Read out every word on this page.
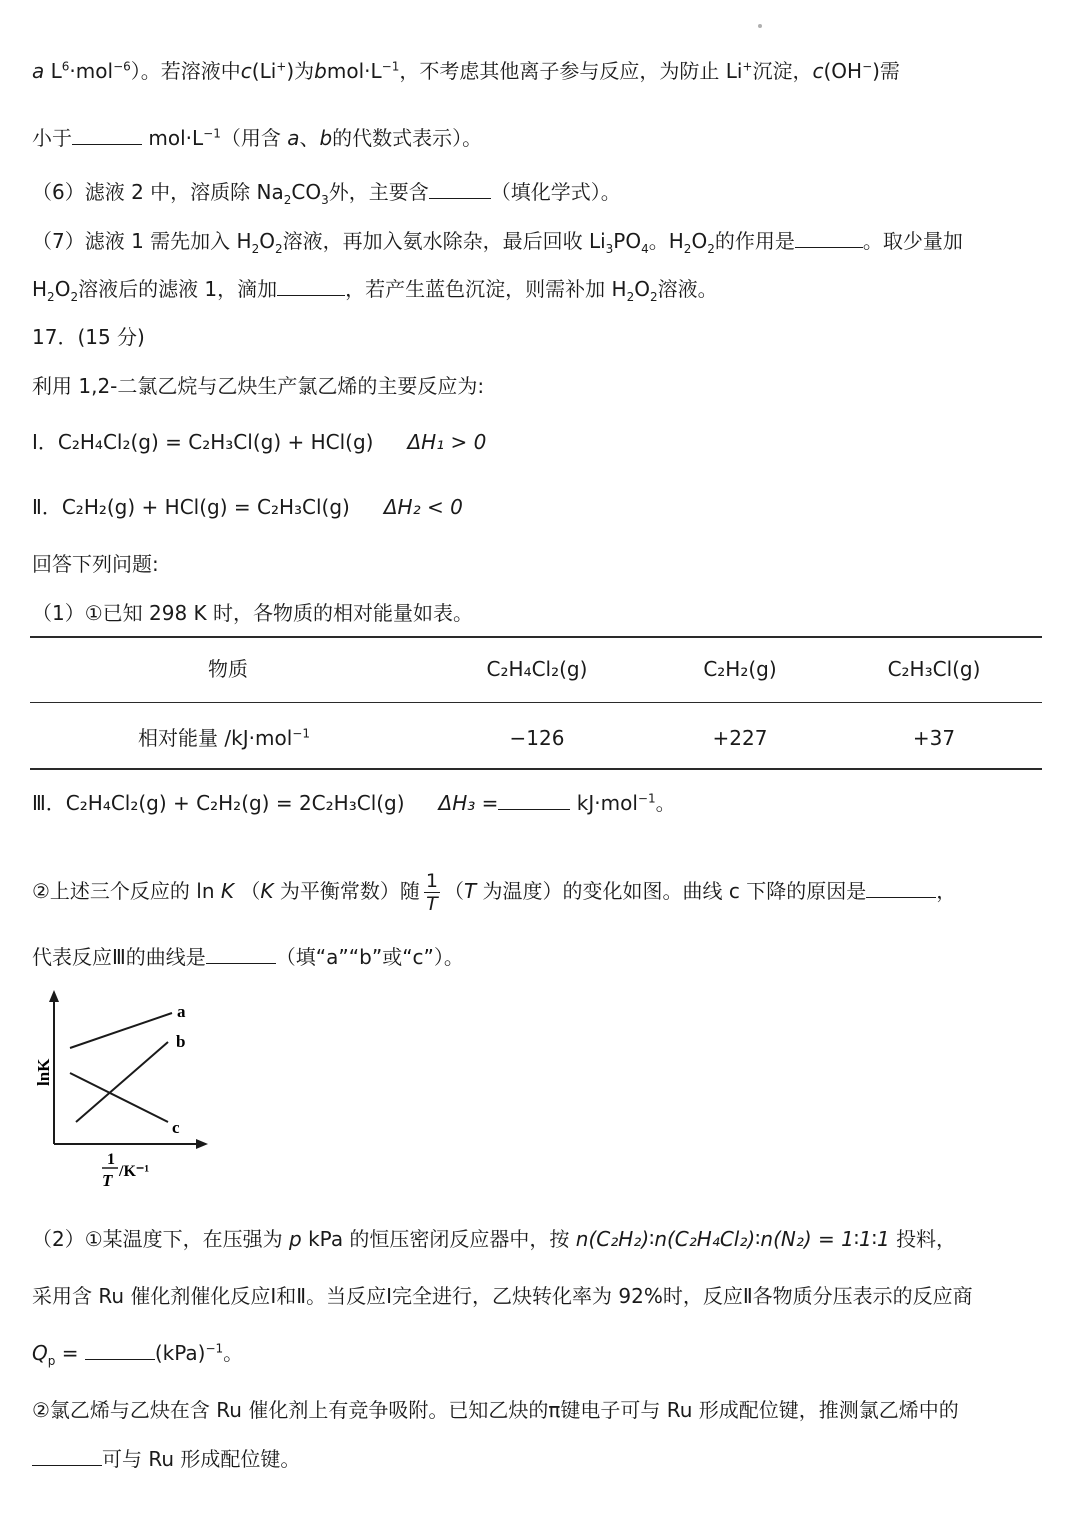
a $L^6\cdot mol^{-6}$）。若溶液中c(Li+)为$bmol\cdot L^{-1}$，不考虑其他离子参与反应，为防止 Li+沉淀，c(OH−)需
小于	$mol\cdot L^{-1}$（用含 a、b的代数式表示）。
（6）滤液 2 中，溶质除 $Na_2CO_3$外，主要含	（填化学式）。
（7）滤液 1 需先加入 $H_2O_2$溶液，再加入氨水除杂，最后回收 $Li_3PO_4$。$H_2O_2$的作用是	。取少量加
$H_2O_2$溶液后的滤液 1，滴加	，若产生蓝色沉淀，则需补加 $H_2O_2$溶液。
17．(15 分)
利用 1,2-二氯乙烷与乙炔生产氯乙烯的主要反应为:
Ⅰ．C₂H₄Cl₂(g) = C₂H₃Cl(g) + HCl(g) ΔH₁ > 0
Ⅱ．C₂H₂(g) + HCl(g) = C₂H₃Cl(g) ΔH₂ < 0
回答下列问题:
（1）①已知 298 K 时，各物质的相对能量如表。
物质	C₂H₄Cl₂(g)	C₂H₂(g)	C₂H₃Cl(g)
相对能量 /kJ·mol$^{-1}$	−126	+227	+37
Ⅲ．C₂H₄Cl₂(g) + C₂H₂(g) = 2C₂H₃Cl(g) ΔH₃ =	kJ·mol$^{-1}$。
②上述三个反应的 ln K （K 为平衡常数）随 $\frac{1}{T} (T$ 为温度）的变化如图。曲线 c 下降的原因是	，
代表反应Ⅲ的曲线是	（填“a”“b”或“c”）。
a
b
c
lnK
1
T /K⁻¹
（2）①某温度下，在压强为 p kPa 的恒压密闭反应器中，按 n(C₂H₂)∶n(C₂H₄Cl₂)∶n(N₂) = 1∶1∶1 投料，
采用含 Ru 催化剂催化反应Ⅰ和Ⅱ。当反应Ⅰ完全进行，乙炔转化率为 92%时，反应Ⅱ各物质分压表示的反应商
$Q_p$ =	(kPa)$^{-1}$。
②氯乙烯与乙炔在含 Ru 催化剂上有竞争吸附。已知乙炔的π键电子可与 Ru 形成配位键，推测氯乙烯中的
可与 Ru 形成配位键。
